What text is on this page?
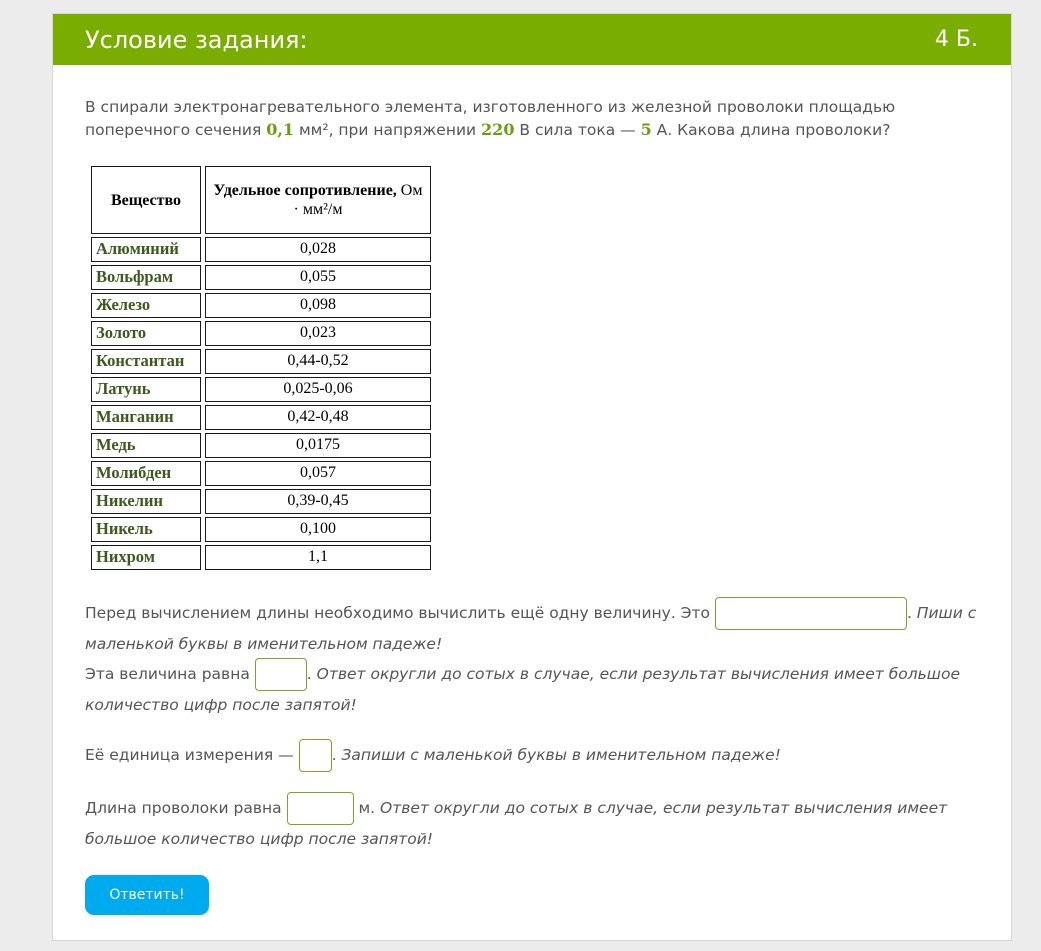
Условие задания:	4 Б.

В спирали электронагревательного элемента, изготовленного из железной проволоки площадью поперечного сечения 0,1 мм², при напряжении 220 В сила тока — 5 А. Какова длина проволоки?

Вещество	Удельное сопротивление, Ом · мм²/м
Алюминий	0,028
Вольфрам	0,055
Железо	0,098
Золото	0,023
Константан	0,44-0,52
Латунь	0,025-0,06
Манганин	0,42-0,48
Медь	0,0175
Молибден	0,057
Никелин	0,39-0,45
Никель	0,100
Нихром	1,1
Перед вычислением длины необходимо вычислить ещё одну величину. Это	. Пиши с маленькой буквы в именительном падеже!
Эта величина равна	. Ответ округли до сотых в случае, если результат вычисления имеет большое количество цифр после запятой!
Её единица измерения — . Запиши с маленькой буквы в именительном падеже!
Длина проволоки равна	м. Ответ округли до сотых в случае, если результат вычисления имеет большое количество цифр после запятой!
Ответить!
